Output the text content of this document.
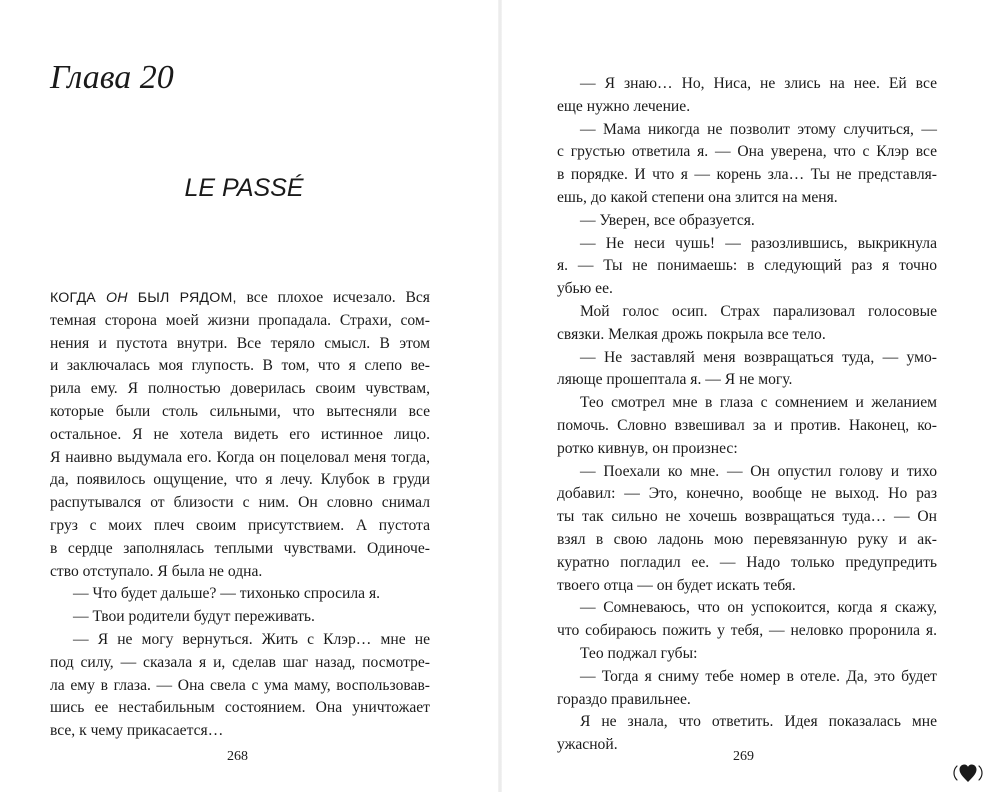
Глава 20
LE PASSÉ
КОГДА ОН БЫЛ РЯДОМ, все плохое исчезало. Вся
темная сторона моей жизни пропадала. Страхи, сом-
нения и пустота внутри. Все теряло смысл. В этом
и заключалась моя глупость. В том, что я слепо ве-
рила ему. Я полностью доверилась своим чувствам,
которые были столь сильными, что вытесняли все
остальное. Я не хотела видеть его истинное лицо.
Я наивно выдумала его. Когда он поцеловал меня тогда,
да, появилось ощущение, что я лечу. Клубок в груди
распутывался от близости с ним. Он словно снимал
груз с моих плеч своим присутствием. А пустота
в сердце заполнялась теплыми чувствами. Одиноче-
ство отступало. Я была не одна.
— Что будет дальше? — тихонько спросила я.
— Твои родители будут переживать.
— Я не могу вернуться. Жить с Клэр… мне не
под силу, — сказала я и, сделав шаг назад, посмотре-
ла ему в глаза. — Она свела с ума маму, воспользовав-
шись ее нестабильным состоянием. Она уничтожает
все, к чему прикасается…
268
— Я знаю… Но, Ниса, не злись на нее. Ей все
еще нужно лечение.
— Мама никогда не позволит этому случиться, —
с грустью ответила я. — Она уверена, что с Клэр все
в порядке. И что я — корень зла… Ты не представля-
ешь, до какой степени она злится на меня.
— Уверен, все образуется.
— Не неси чушь! — разозлившись, выкрикнула
я. — Ты не понимаешь: в следующий раз я точно
убью ее.
Мой голос осип. Страх парализовал голосовые
связки. Мелкая дрожь покрыла все тело.
— Не заставляй меня возвращаться туда, — умо-
ляюще прошептала я. — Я не могу.
Тео смотрел мне в глаза с сомнением и желанием
помочь. Словно взвешивал за и против. Наконец, ко-
ротко кивнув, он произнес:
— Поехали ко мне. — Он опустил голову и тихо
добавил: — Это, конечно, вообще не выход. Но раз
ты так сильно не хочешь возвращаться туда… — Он
взял в свою ладонь мою перевязанную руку и ак-
куратно погладил ее. — Надо только предупредить
твоего отца — он будет искать тебя.
— Сомневаюсь, что он успокоится, когда я скажу,
что собираюсь пожить у тебя, — неловко проронила я.
Тео поджал губы:
— Тогда я сниму тебе номер в отеле. Да, это будет
гораздо правильнее.
Я не знала, что ответить. Идея показалась мне
ужасной.
269
